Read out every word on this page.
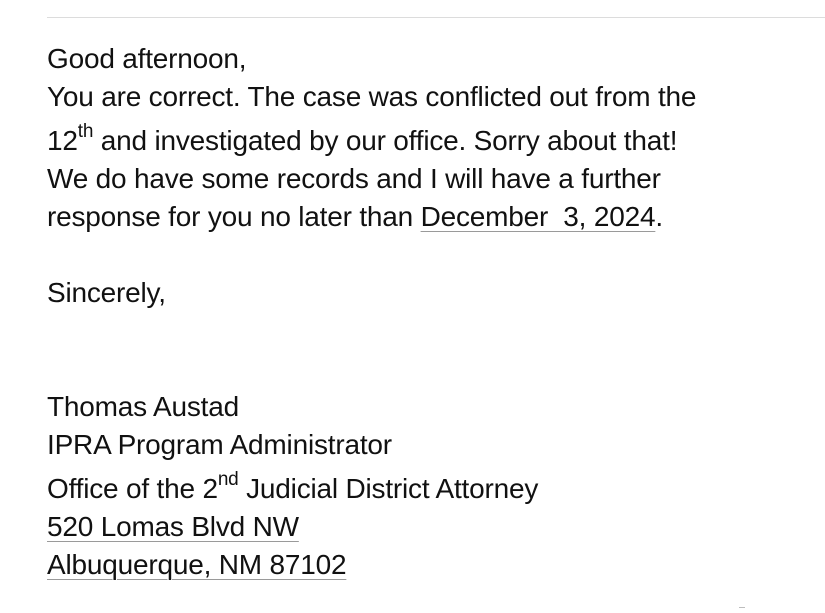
Good afternoon,
You are correct. The case was conflicted out from the
12th and investigated by our office. Sorry about that!
We do have some records and I will have a further
response for you no later than December  3, 2024.
Sincerely,
Thomas Austad
IPRA Program Administrator
Office of the 2nd Judicial District Attorney
520 Lomas Blvd NW
Albuquerque, NM 87102
